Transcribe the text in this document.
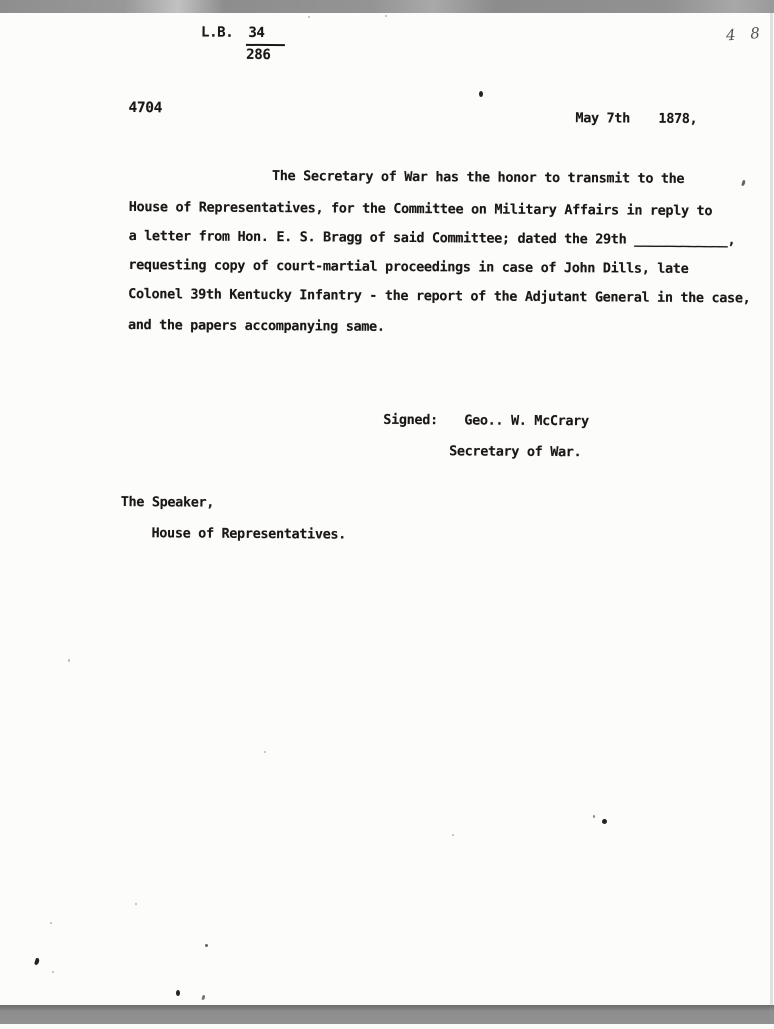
4 8
L.B. $\frac{34}{286}$
4704
May 7th 1878,
The Secretary of War has the honor to transmit to the
House of Representatives, for the Committee on Military Affairs in reply to
a letter from Hon. E. S. Bragg of said Committee; dated the 29th ____________,
requesting copy of court-martial proceedings in case of John Dills, late
Colonel 39th Kentucky Infantry - the report of the Adjutant General in the case,
and the papers accompanying same.
Signed: Geo.. W. McCrary
Secretary of War.
The Speaker,
House of Representatives.
